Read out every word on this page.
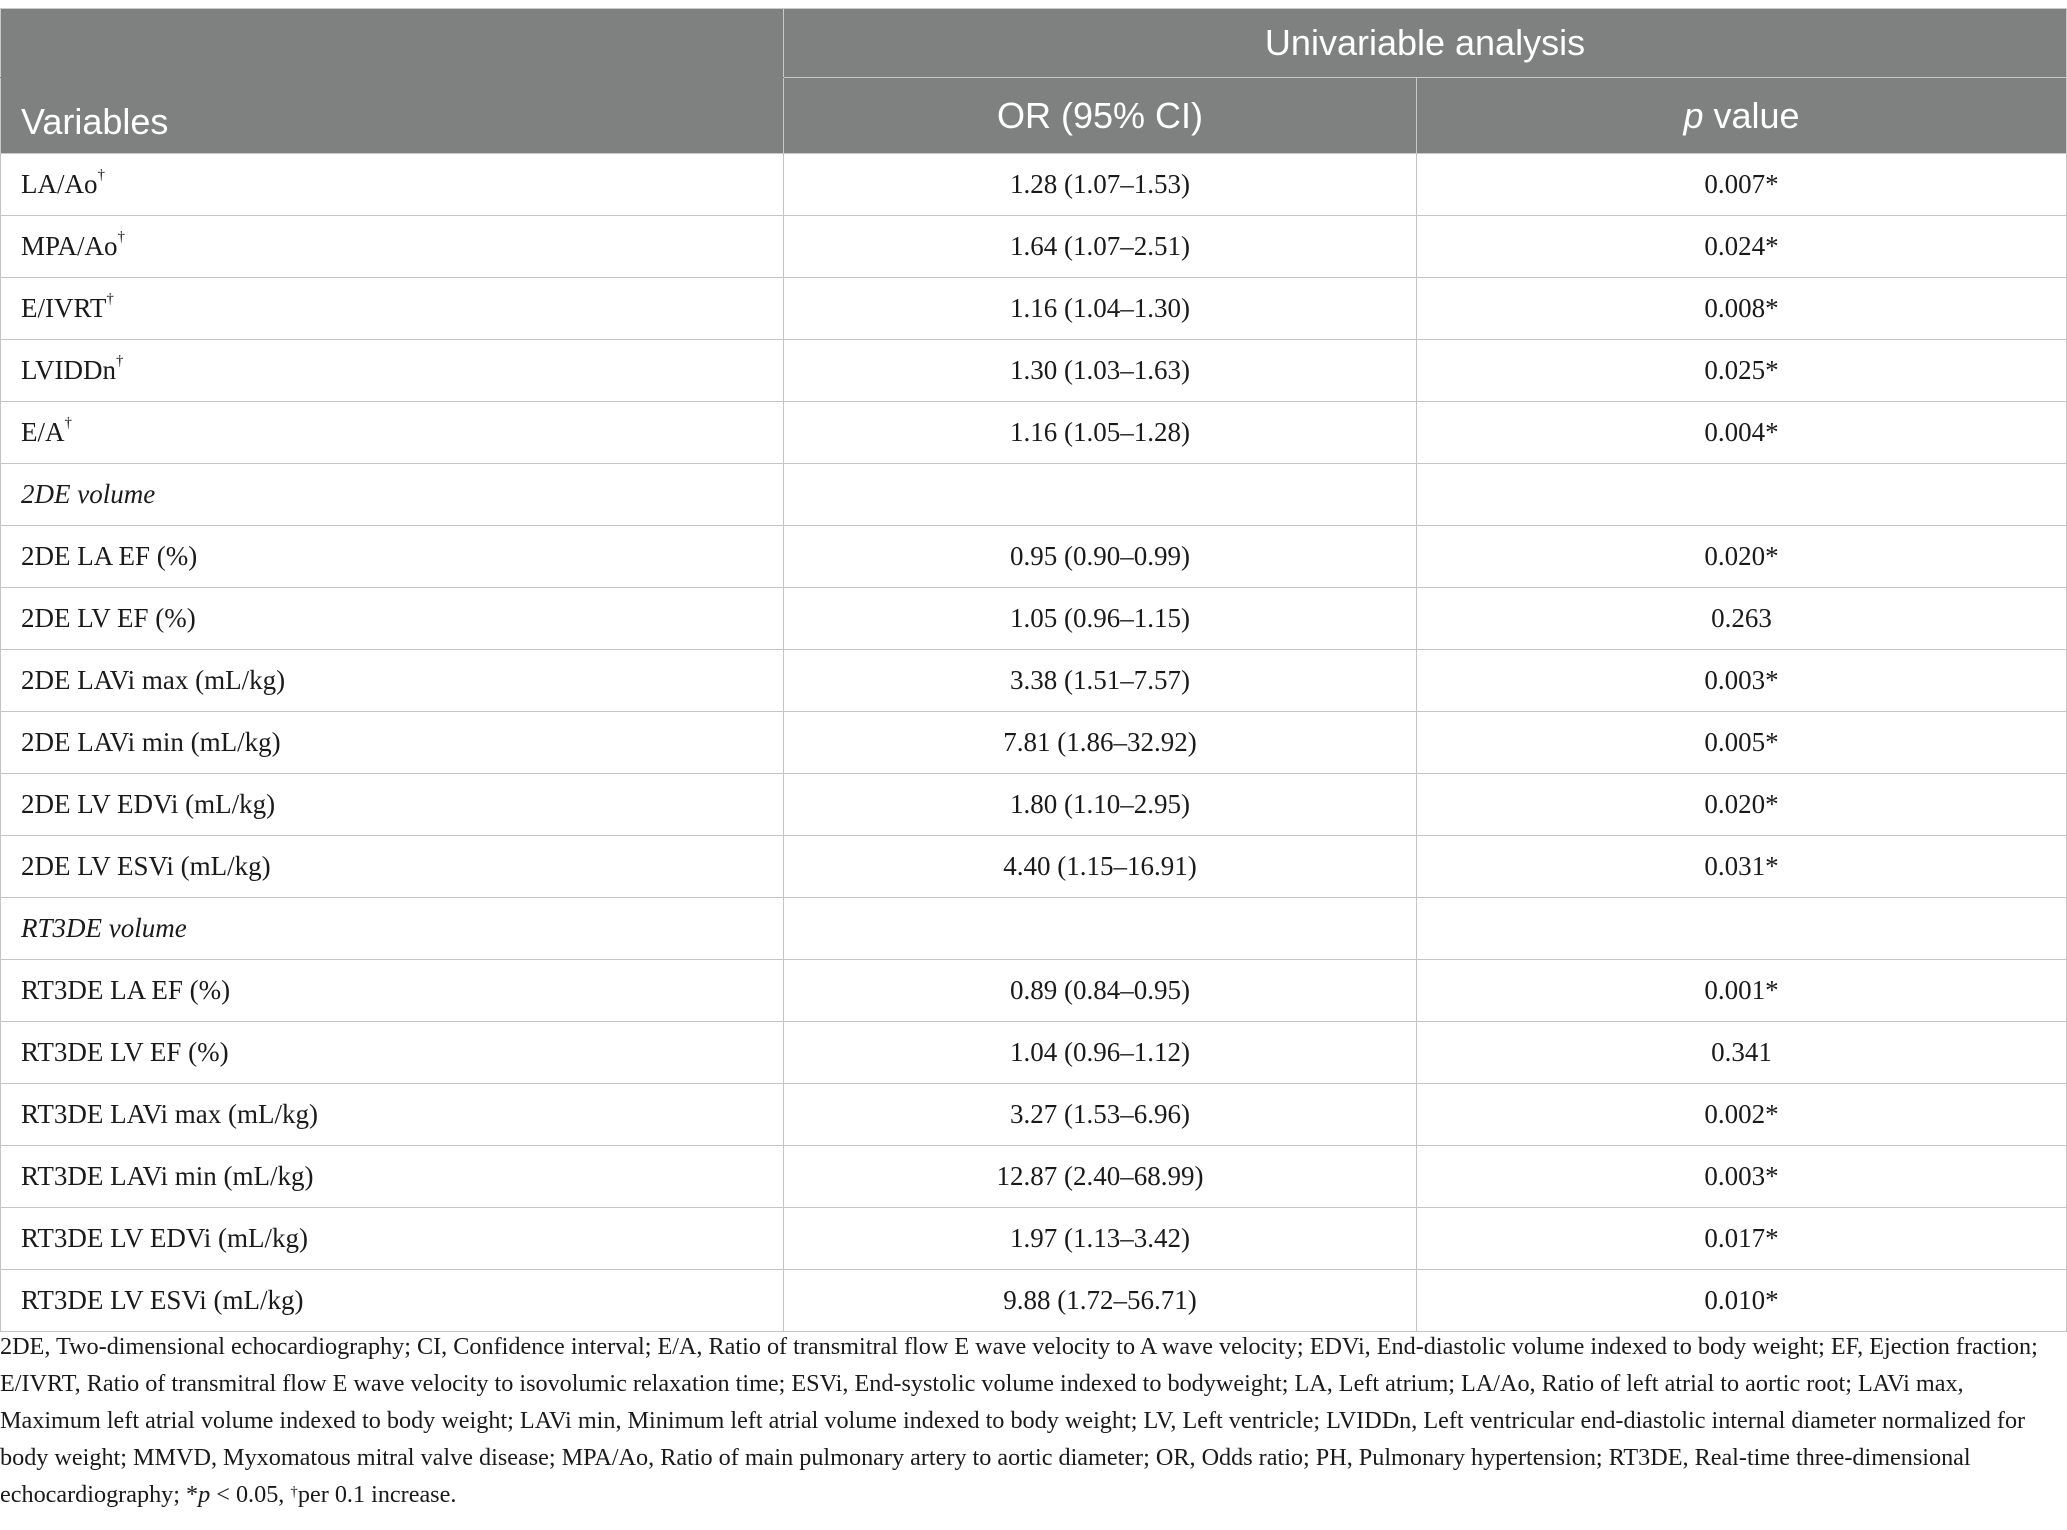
	Univariable analysis	
Variables	OR (95% CI)	p value
LA/Ao†	1.28 (1.07–1.53)	0.007*
MPA/Ao†	1.64 (1.07–2.51)	0.024*
E/IVRT†	1.16 (1.04–1.30)	0.008*
LVIDDn†	1.30 (1.03–1.63)	0.025*
E/A†	1.16 (1.05–1.28)	0.004*
2DE volume		
2DE LA EF (%)	0.95 (0.90–0.99)	0.020*
2DE LV EF (%)	1.05 (0.96–1.15)	0.263
2DE LAVi max (mL/kg)	3.38 (1.51–7.57)	0.003*
2DE LAVi min (mL/kg)	7.81 (1.86–32.92)	0.005*
2DE LV EDVi (mL/kg)	1.80 (1.10–2.95)	0.020*
2DE LV ESVi (mL/kg)	4.40 (1.15–16.91)	0.031*
RT3DE volume		
RT3DE LA EF (%)	0.89 (0.84–0.95)	0.001*
RT3DE LV EF (%)	1.04 (0.96–1.12)	0.341
RT3DE LAVi max (mL/kg)	3.27 (1.53–6.96)	0.002*
RT3DE LAVi min (mL/kg)	12.87 (2.40–68.99)	0.003*
RT3DE LV EDVi (mL/kg)	1.97 (1.13–3.42)	0.017*
RT3DE LV ESVi (mL/kg)	9.88 (1.72–56.71)	0.010*
2DE, Two-dimensional echocardiography; CI, Confidence interval; E/A, Ratio of transmitral flow E wave velocity to A wave velocity; EDVi, End-diastolic volume indexed to body weight; EF, Ejection fraction; E/IVRT, Ratio of transmitral flow E wave velocity to isovolumic relaxation time; ESVi, End-systolic volume indexed to bodyweight; LA, Left atrium; LA/Ao, Ratio of left atrial to aortic root; LAVi max, Maximum left atrial volume indexed to body weight; LAVi min, Minimum left atrial volume indexed to body weight; LV, Left ventricle; LVIDDn, Left ventricular end-diastolic internal diameter normalized for body weight; MMVD, Myxomatous mitral valve disease; MPA/Ao, Ratio of main pulmonary artery to aortic diameter; OR, Odds ratio; PH, Pulmonary hypertension; RT3DE, Real-time three-dimensional echocardiography; *p < 0.05, †per 0.1 increase.
